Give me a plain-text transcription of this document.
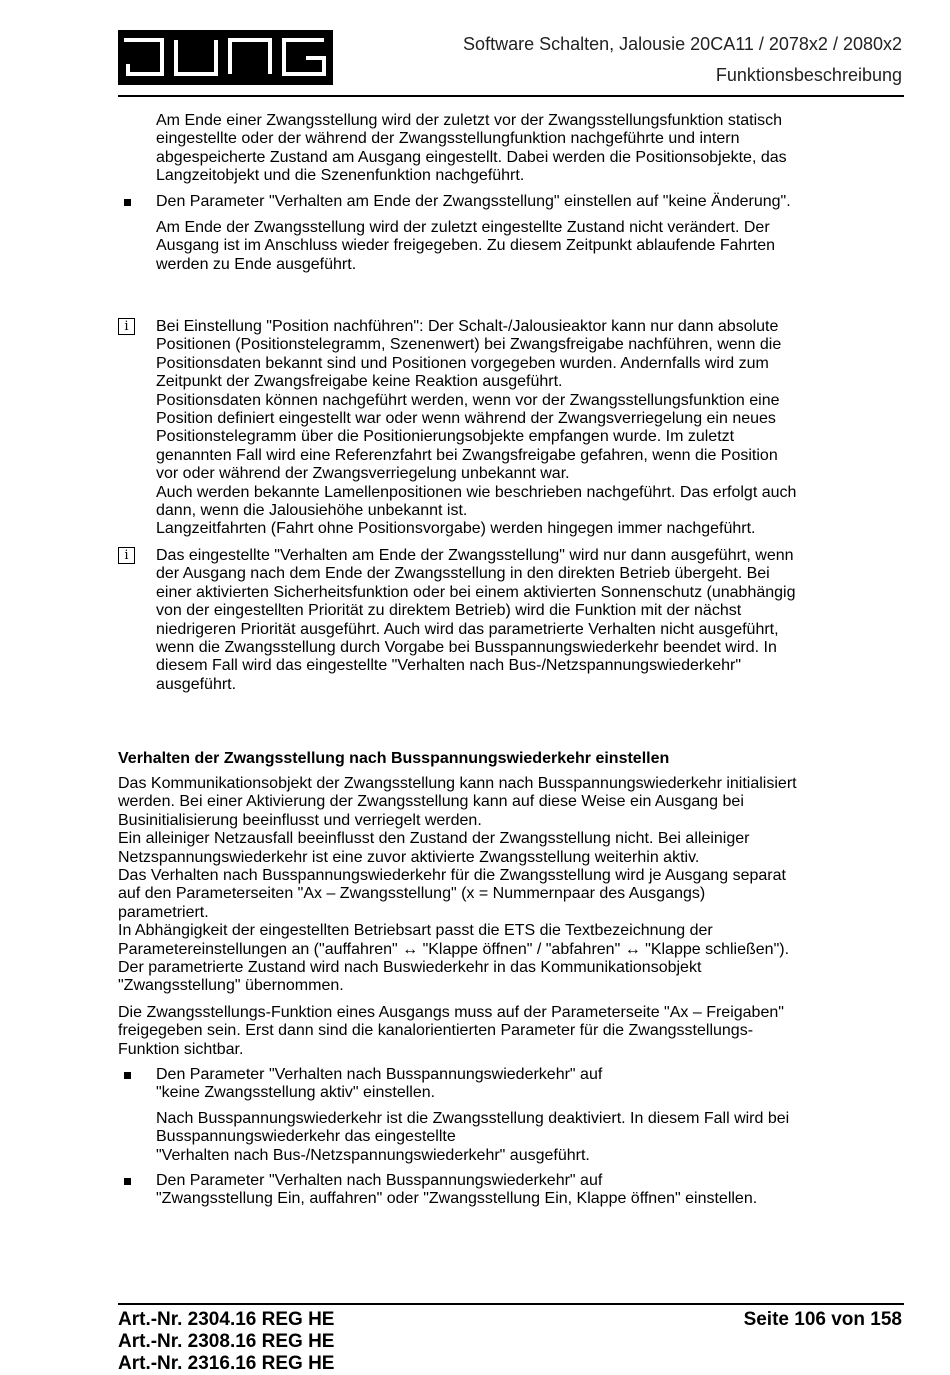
Software Schalten, Jalousie 20CA11 / 2078x2 / 2080x2
Funktionsbeschreibung
Am Ende einer Zwangsstellung wird der zuletzt vor der Zwangsstellungsfunktion statisch
eingestellte oder der während der Zwangsstellungfunktion nachgeführte und intern
abgespeicherte Zustand am Ausgang eingestellt. Dabei werden die Positionsobjekte, das
Langzeitobjekt und die Szenenfunktion nachgeführt.
Den Parameter "Verhalten am Ende der Zwangsstellung" einstellen auf "keine Änderung".
Am Ende der Zwangsstellung wird der zuletzt eingestellte Zustand nicht verändert. Der
Ausgang ist im Anschluss wieder freigegeben. Zu diesem Zeitpunkt ablaufende Fahrten
werden zu Ende ausgeführt.
i	Bei Einstellung "Position nachführen": Der Schalt-/Jalousieaktor kann nur dann absolute
Positionen (Positionstelegramm, Szenenwert) bei Zwangsfreigabe nachführen, wenn die
Positionsdaten bekannt sind und Positionen vorgegeben wurden. Andernfalls wird zum
Zeitpunkt der Zwangsfreigabe keine Reaktion ausgeführt.
Positionsdaten können nachgeführt werden, wenn vor der Zwangsstellungsfunktion eine
Position definiert eingestellt war oder wenn während der Zwangsverriegelung ein neues
Positionstelegramm über die Positionierungsobjekte empfangen wurde. Im zuletzt
genannten Fall wird eine Referenzfahrt bei Zwangsfreigabe gefahren, wenn die Position
vor oder während der Zwangsverriegelung unbekannt war.
Auch werden bekannte Lamellenpositionen wie beschrieben nachgeführt. Das erfolgt auch
dann, wenn die Jalousiehöhe unbekannt ist.
Langzeitfahrten (Fahrt ohne Positionsvorgabe) werden hingegen immer nachgeführt.
i	Das eingestellte "Verhalten am Ende der Zwangsstellung" wird nur dann ausgeführt, wenn
der Ausgang nach dem Ende der Zwangsstellung in den direkten Betrieb übergeht. Bei
einer aktivierten Sicherheitsfunktion oder bei einem aktivierten Sonnenschutz (unabhängig
von der eingestellten Priorität zu direktem Betrieb) wird die Funktion mit der nächst
niedrigeren Priorität ausgeführt. Auch wird das parametrierte Verhalten nicht ausgeführt,
wenn die Zwangsstellung durch Vorgabe bei Busspannungswiederkehr beendet wird. In
diesem Fall wird das eingestellte "Verhalten nach Bus-/Netzspannungswiederkehr"
ausgeführt.
Verhalten der Zwangsstellung nach Busspannungswiederkehr einstellen
Das Kommunikationsobjekt der Zwangsstellung kann nach Busspannungswiederkehr initialisiert
werden. Bei einer Aktivierung der Zwangsstellung kann auf diese Weise ein Ausgang bei
Businitialisierung beeinflusst und verriegelt werden.
Ein alleiniger Netzausfall beeinflusst den Zustand der Zwangsstellung nicht. Bei alleiniger
Netzspannungswiederkehr ist eine zuvor aktivierte Zwangsstellung weiterhin aktiv.
Das Verhalten nach Busspannungswiederkehr für die Zwangsstellung wird je Ausgang separat
auf den Parameterseiten "Ax – Zwangsstellung" (x = Nummernpaar des Ausgangs)
parametriert.
In Abhängigkeit der eingestellten Betriebsart passt die ETS die Textbezeichnung der
Parametereinstellungen an ("auffahren" ↔ "Klappe öffnen" / "abfahren" ↔ "Klappe schließen").
Der parametrierte Zustand wird nach Buswiederkehr in das Kommunikationsobjekt
"Zwangsstellung" übernommen.
Die Zwangsstellungs-Funktion eines Ausgangs muss auf der Parameterseite "Ax – Freigaben"
freigegeben sein. Erst dann sind die kanalorientierten Parameter für die Zwangsstellungs-
Funktion sichtbar.
Den Parameter "Verhalten nach Busspannungswiederkehr" auf
"keine Zwangsstellung aktiv" einstellen.
Nach Busspannungswiederkehr ist die Zwangsstellung deaktiviert. In diesem Fall wird bei
Busspannungswiederkehr das eingestellte
"Verhalten nach Bus-/Netzspannungswiederkehr" ausgeführt.
Den Parameter "Verhalten nach Busspannungswiederkehr" auf
"Zwangsstellung Ein, auffahren" oder "Zwangsstellung Ein, Klappe öffnen" einstellen.
Art.-Nr. 2304.16 REG HE
Art.-Nr. 2308.16 REG HE
Art.-Nr. 2316.16 REG HE
Seite 106 von 158
